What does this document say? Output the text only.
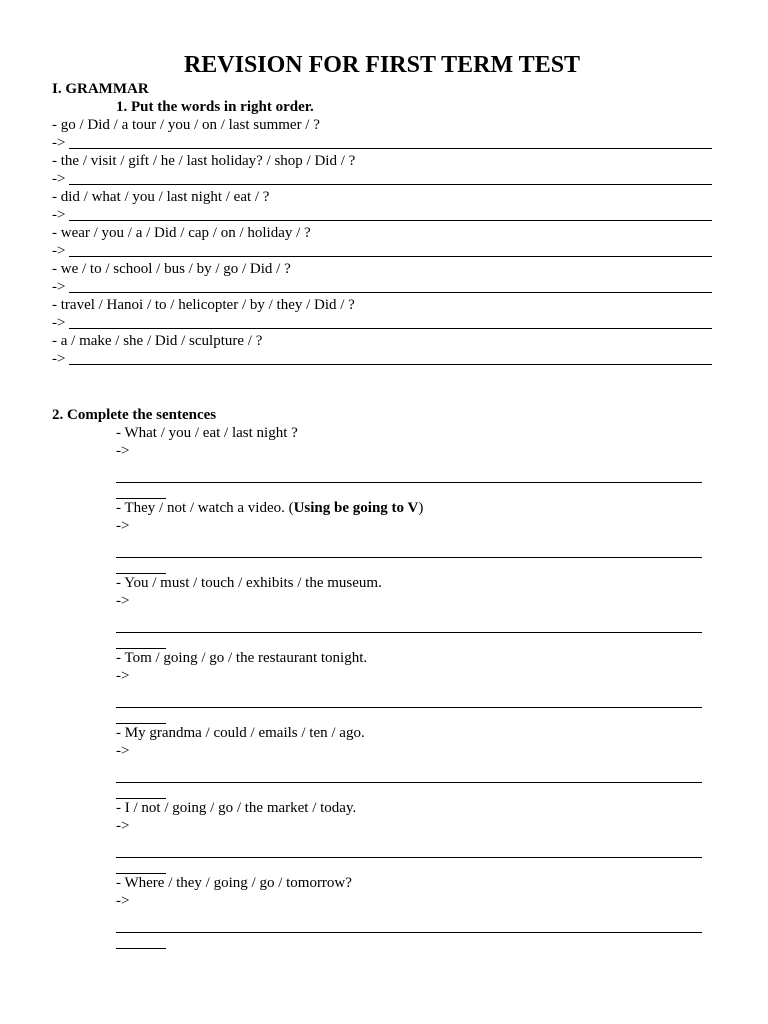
REVISION FOR FIRST TERM TEST
I. GRAMMAR
1. Put the words in right order.
- go / Did / a tour / you / on / last summer / ?
->
- the / visit / gift / he / last holiday? / shop / Did / ?
->
- did / what / you / last night / eat / ?
->
- wear / you / a / Did / cap / on / holiday / ?
->
- we / to / school / bus / by / go / Did / ?
->
- travel / Hanoi / to / helicopter / by / they / Did / ?
->
- a / make / she / Did / sculpture / ?
->
2. Complete the sentences
- What / you / eat / last night ?
->
- They / not / watch a video. (Using be going to V)
->
- You / must / touch / exhibits / the museum.
->
- Tom / going / go / the restaurant tonight.
->
- My grandma / could / emails / ten / ago.
->
- I / not / going / go / the market / today.
->
- Where / they / going / go / tomorrow?
->
